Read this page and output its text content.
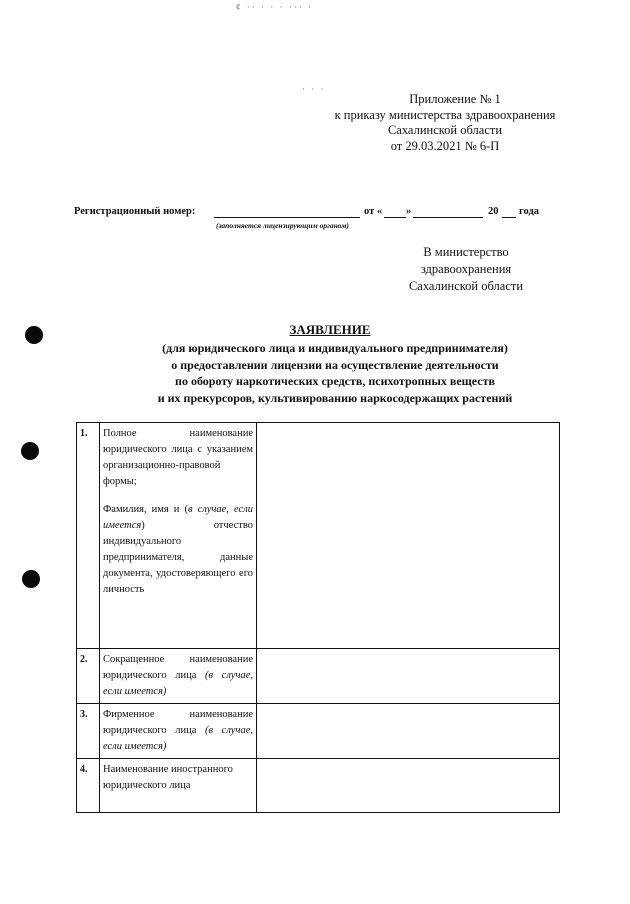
¢ ·· · · · ··· ·
· · ·
Приложение № 1
к приказу министерства здравоохранения
Сахалинской области
от 29.03.2021 № 6-П
Регистрационный номер:	от « »	20 года
(заполняется лицензирующим органом)
В министерство
здравоохранения
Сахалинской области
ЗАЯВЛЕНИЕ
(для юридического лица и индивидуального предпринимателя)
о предоставлении лицензии на осуществление деятельности
по обороту наркотических средств, психотропных веществ
и их прекурсоров, культивированию наркосодержащих растений
1.	Полное наименование юридического лица с указанием организационно-правовой формы;
Фамилия, имя и (в случае, если имеется) отчество индивидуального предпринимателя, данные документа, удостоверяющего его личность	

2.	Сокращенное наименование юридического лица (в случае, если имеется)	
3.	Фирменное наименование юридического лица (в случае, если имеется)	
4.	Наименование иностранного юридического лица	
